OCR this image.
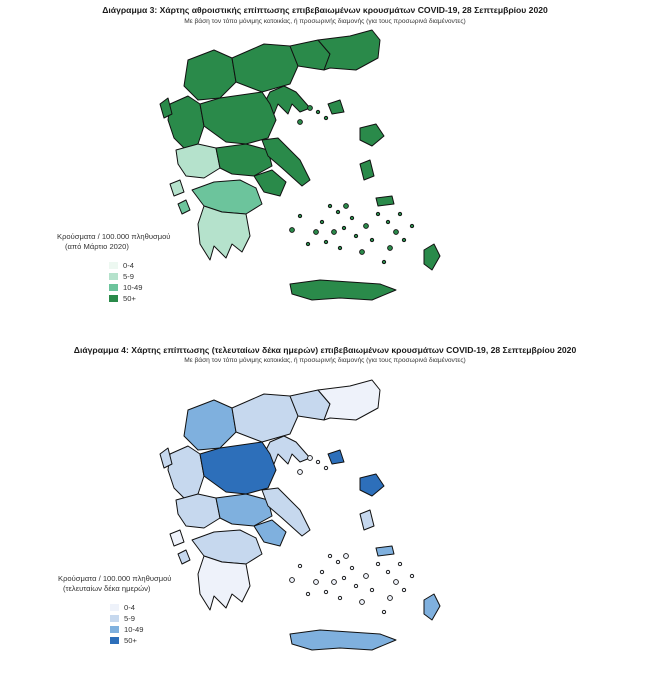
Διάγραμμα 3: Χάρτης αθροιστικής επίπτωσης επιβεβαιωμένων κρουσμάτων COVID-19, 28 Σεπτεμβρίου 2020

Με βάση τον τόπο μόνιμης κατοικίας, ή προσωρινής διαμονής (για τους προσωρινά διαμένοντες)

Κρούσματα / 100.000 πληθυσμού
(από Μάρτιο 2020)
0-4
5-9
10-49
50+

Διάγραμμα 4: Χάρτης επίπτωσης (τελευταίων δέκα ημερών) επιβεβαιωμένων κρουσμάτων COVID-19, 28 Σεπτεμβρίου 2020

Με βάση τον τόπο μόνιμης κατοικίας, ή προσωρινής διαμονής (για τους προσωρινά διαμένοντες)

Κρούσματα / 100.000 πληθυσμού
(τελευταίων δέκα ημερών)
0-4
5-9
10-49
50+
